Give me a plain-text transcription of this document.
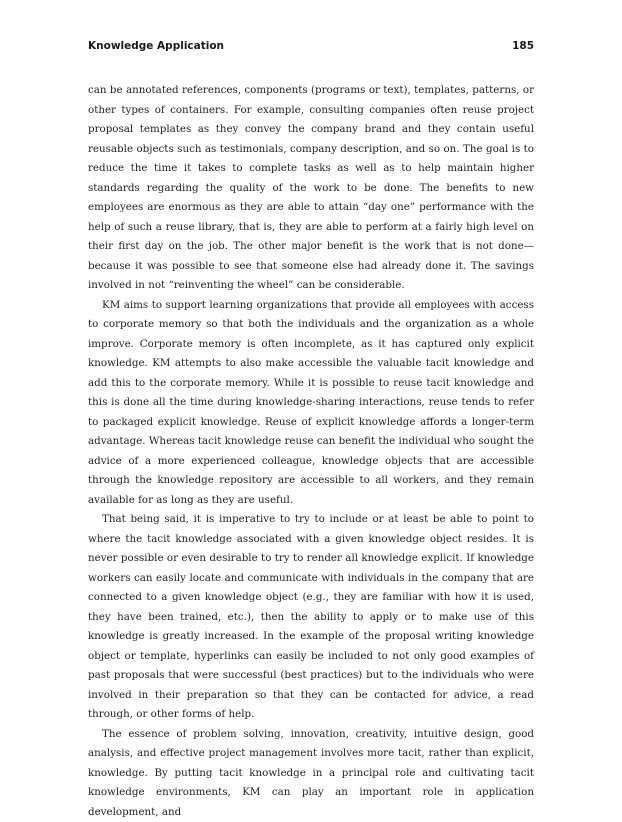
Knowledge Application	185

can be annotated references, components (programs or text), templates, patterns, or other types of containers. For example, consulting companies often reuse project proposal templates as they convey the company brand and they contain useful reusable objects such as testimonials, company description, and so on. The goal is to reduce the time it takes to complete tasks as well as to help maintain higher standards regarding the quality of the work to be done. The benefits to new employees are enormous as they are able to attain “day one” performance with the help of such a reuse library, that is, they are able to perform at a fairly high level on their first day on the job. The other major benefit is the work that is not done—because it was possible to see that someone else had already done it. The savings involved in not “reinventing the wheel” can be considerable.

KM aims to support learning organizations that provide all employees with access to corporate memory so that both the individuals and the organization as a whole improve. Corporate memory is often incomplete, as it has captured only explicit knowledge. KM attempts to also make accessible the valuable tacit knowledge and add this to the corporate memory. While it is possible to reuse tacit knowledge and this is done all the time during knowledge-sharing interactions, reuse tends to refer to packaged explicit knowledge. Reuse of explicit knowledge affords a longer-term advantage. Whereas tacit knowledge reuse can benefit the individual who sought the advice of a more experienced colleague, knowledge objects that are accessible through the knowledge repository are accessible to all workers, and they remain available for as long as they are useful.

That being said, it is imperative to try to include or at least be able to point to where the tacit knowledge associated with a given knowledge object resides. It is never possible or even desirable to try to render all knowledge explicit. If knowledge workers can easily locate and communicate with individuals in the company that are connected to a given knowledge object (e.g., they are familiar with how it is used, they have been trained, etc.), then the ability to apply or to make use of this knowledge is greatly increased. In the example of the proposal writing knowledge object or template, hyperlinks can easily be included to not only good examples of past proposals that were successful (best practices) but to the individuals who were involved in their preparation so that they can be contacted for advice, a read through, or other forms of help.

The essence of problem solving, innovation, creativity, intuitive design, good analysis, and effective project management involves more tacit, rather than explicit, knowledge. By putting tacit knowledge in a principal role and cultivating tacit knowledge environments, KM can play an important role in application development, and
